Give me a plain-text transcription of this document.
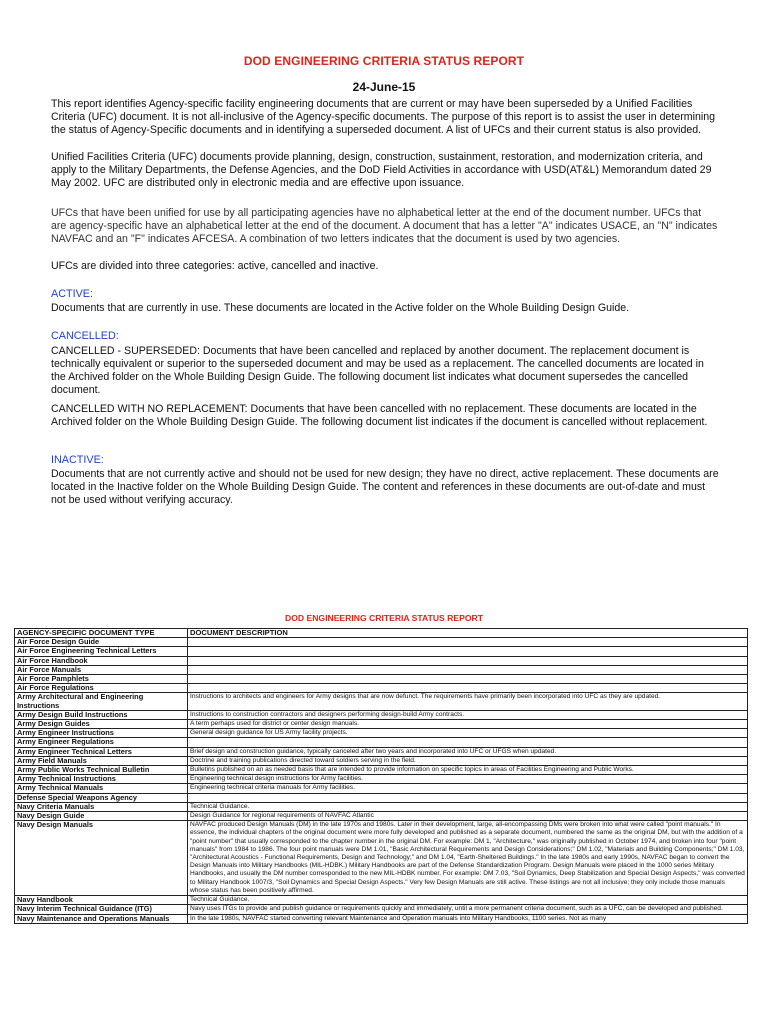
DOD ENGINEERING CRITERIA STATUS REPORT
24-June-15

This report identifies Agency-specific facility engineering documents that are current or may have been superseded by a Unified Facilities Criteria (UFC) document. It is not all-inclusive of the Agency-specific documents. The purpose of this report is to assist the user in determining the status of Agency-Specific documents and in identifying a superseded document. A list of UFCs and their current status is also provided.

Unified Facilities Criteria (UFC) documents provide planning, design, construction, sustainment, restoration, and modernization criteria, and apply to the Military Departments, the Defense Agencies, and the DoD Field Activities in accordance with USD(AT&L) Memorandum dated 29 May 2002. UFC are distributed only in electronic media and are effective upon issuance.

UFCs that have been unified for use by all participating agencies have no alphabetical letter at the end of the document number. UFCs that are agency-specific have an alphabetical letter at the end of the document. A document that has a letter "A" indicates USACE, an "N" indicates NAVFAC and an "F" indicates AFCESA. A combination of two letters indicates that the document is used by two agencies.

UFCs are divided into three categories: active, cancelled and inactive.

ACTIVE:

Documents that are currently in use. These documents are located in the Active folder on the Whole Building Design Guide.

CANCELLED:

CANCELLED - SUPERSEDED: Documents that have been cancelled and replaced by another document. The replacement document is technically equivalent or superior to the superseded document and may be used as a replacement. The cancelled documents are located in the Archived folder on the Whole Building Design Guide. The following document list indicates what document supersedes the cancelled document.

CANCELLED WITH NO REPLACEMENT: Documents that have been cancelled with no replacement. These documents are located in the Archived folder on the Whole Building Design Guide. The following document list indicates if the document is cancelled without replacement.

INACTIVE:

Documents that are not currently active and should not be used for new design; they have no direct, active replacement. These documents are located in the Inactive folder on the Whole Building Design Guide. The content and references in these documents are out-of-date and must not be used without verifying accuracy.

DOD ENGINEERING CRITERIA STATUS REPORT
AGENCY-SPECIFIC DOCUMENT TYPE	DOCUMENT DESCRIPTION
Air Force Design Guide	
Air Force Engineering Technical Letters	
Air Force Handbook	
Air Force Manuals	
Air Force Pamphlets	
Air Force Regulations	
Army Architectural and Engineering Instructions	Instructions to architects and engineers for Army designs that are now defunct. The requirements have primarily been incorporated into UFC as they are updated.
Army Design Build Instructions	Instructions to construction contractors and designers performing design-build Army contracts.
Army Design Guides	A term perhaps used for district or center design manuals.
Army Engineer Instructions	General design guidance for US Army facility projects.
Army Engineer Regulations	
Army Engineer Technical Letters	Brief design and construction guidance, typically canceled after two years and incorporated into UFC or UFGS when updated.
Army Field Manuals	Doctrine and training publications directed toward soldiers serving in the field.
Army Public Works Technical Bulletin	Bulletins published on an as needed basis that are intended to provide information on specific topics in areas of Facilities Engineering and Public Works.
Army Technical Instructions	Engineering technical design instructions for Army facilities.
Army Technical Manuals	Engineering technical criteria manuals for Army facilities.
Defense Special Weapons Agency	
Navy Criteria Manuals	Technical Guidance.
Navy Design Guide	Design Guidance for regional requirements of NAVFAC Atlantic
Navy Design Manuals	NAVFAC produced Design Manuals (DM) in the late 1970s and 1980s. Later in their development, large, all-encompassing DMs were broken into what were called "point manuals." In essence, the individual chapters of the original document were more fully developed and published as a separate document, numbered the same as the original DM, but with the addition of a "point number" that usually corresponded to the chapter number in the original DM. For example: DM 1, "Architecture," was originally published in October 1974, and broken into four "point manuals" from 1984 to 1986. The four point manuals were DM 1.01, "Basic Architectural Requirements and Design Considerations;" DM 1.02, "Materials and Building Components;" DM 1.03, "Architectural Acoustics - Functional Requirements, Design and Technology;" and DM 1.04, "Earth-Sheltered Buildings." In the late 1980s and early 1990s, NAVFAC began to convert the Design Manuals into Military Handbooks (MIL-HDBK.) Military Handbooks are part of the Defense Standardization Program. Design Manuals were placed in the 1000 series Military Handbooks, and usually the DM number corresponded to the new MIL-HDBK number. For example: DM 7.03, "Soil Dynamics, Deep Stabilization and Special Design Aspects," was converted to Military Handbook 1007/3, "Soil Dynamics and Special Design Aspects." Very few Design Manuals are still active. These listings are not all inclusive; they only include those manuals whose status has been positively affirmed.
Navy Handbook	Technical Guidance.
Navy Interim Technical Guidance (ITG)	Navy uses ITGs to provide and publish guidance or requirements quickly and immediately, until a more permanent criteria document, such as a UFC, can be developed and published.
Navy Maintenance and Operations Manuals	In the late 1980s, NAVFAC started converting relevant Maintenance and Operation manuals into Military Handbooks, 1100 series. Not as many
